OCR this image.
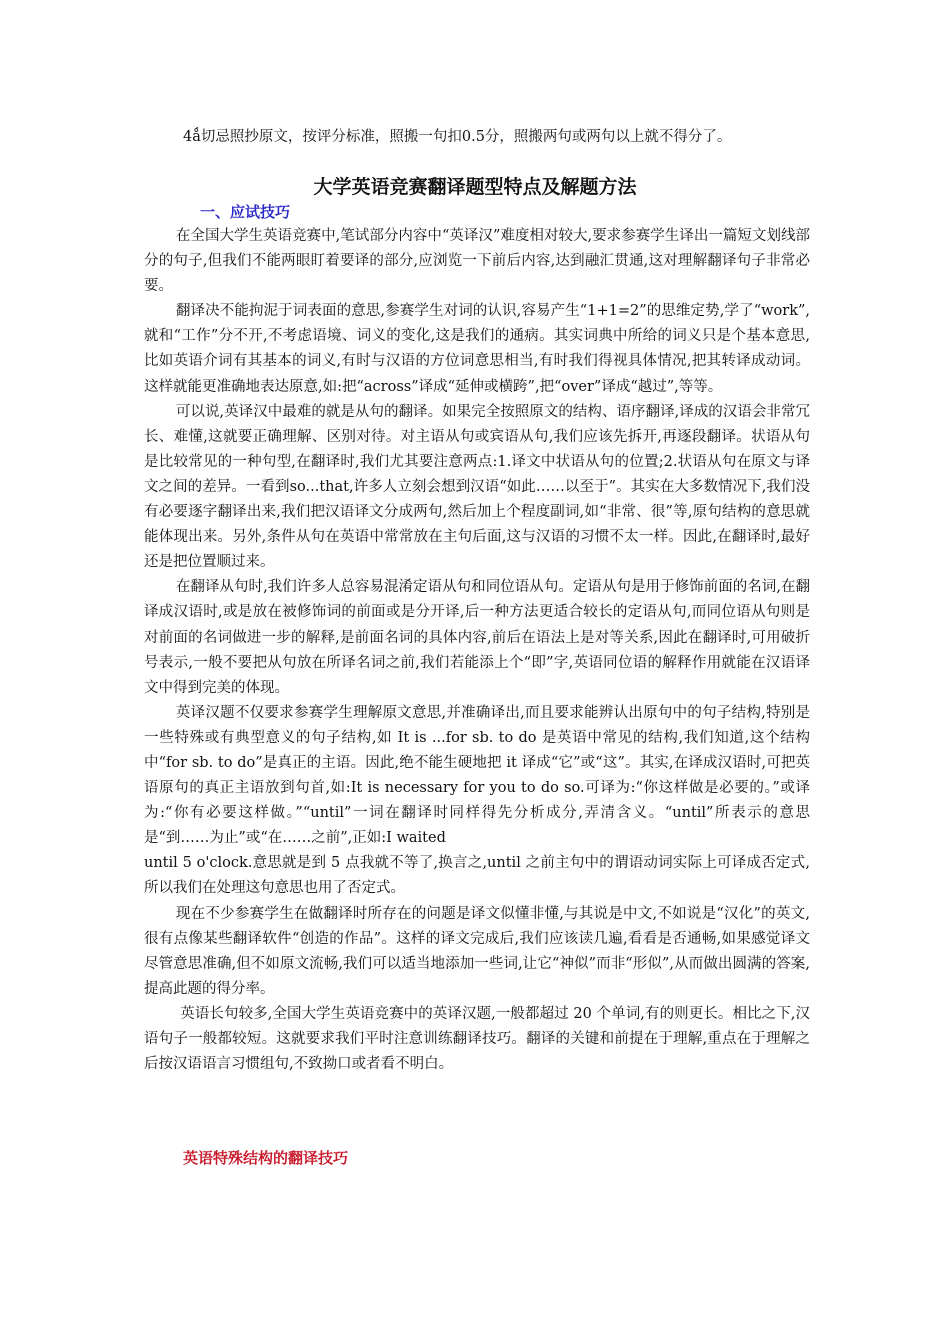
4ǻ切忌照抄原文，按评分标准，照搬一句扣0.5分，照搬两句或两句以上就不得分了。
大学英语竞赛翻译题型特点及解题方法
一、应试技巧

在全国大学生英语竞赛中,笔试部分内容中“英译汉”难度相对较大,要求参赛学生译出一篇短文划线部分的句子,但我们不能两眼盯着要译的部分,应浏览一下前后内容,达到融汇贯通,这对理解翻译句子非常必要。

翻译决不能拘泥于词表面的意思,参赛学生对词的认识,容易产生“1+1=2”的思维定势,学了“work”,就和“工作”分不开,不考虑语境、词义的变化,这是我们的通病。其实词典中所给的词义只是个基本意思,比如英语介词有其基本的词义,有时与汉语的方位词意思相当,有时我们得视具体情况,把其转译成动词。这样就能更准确地表达原意,如:把“across”译成“延伸或横跨”,把“over”译成“越过”,等等。

可以说,英译汉中最难的就是从句的翻译。如果完全按照原文的结构、语序翻译,译成的汉语会非常冗长、难懂,这就要正确理解、区别对待。对主语从句或宾语从句,我们应该先拆开,再逐段翻译。状语从句是比较常见的一种句型,在翻译时,我们尤其要注意两点:1.译文中状语从句的位置;2.状语从句在原文与译文之间的差异。一看到so...that,许多人立刻会想到汉语“如此……以至于”。其实在大多数情况下,我们没有必要逐字翻译出来,我们把汉语译文分成两句,然后加上个程度副词,如“非常、很”等,原句结构的意思就能体现出来。另外,条件从句在英语中常常放在主句后面,这与汉语的习惯不太一样。因此,在翻译时,最好还是把位置顺过来。

在翻译从句时,我们许多人总容易混淆定语从句和同位语从句。定语从句是用于修饰前面的名词,在翻译成汉语时,或是放在被修饰词的前面或是分开译,后一种方法更适合较长的定语从句,而同位语从句则是对前面的名词做进一步的解释,是前面名词的具体内容,前后在语法上是对等关系,因此在翻译时,可用破折号表示,一般不要把从句放在所译名词之前,我们若能添上个“即”字,英语同位语的解释作用就能在汉语译文中得到完美的体现。

英译汉题不仅要求参赛学生理解原文意思,并准确译出,而且要求能辨认出原句中的句子结构,特别是一些特殊或有典型意义的句子结构,如 It is ...for sb. to do 是英语中常见的结构,我们知道,这个结构中“for sb. to do”是真正的主语。因此,绝不能生硬地把 it 译成“它”或“这”。其实,在译成汉语时,可把英语原句的真正主语放到句首,如:It is necessary for you to do so.可译为:“你这样做是必要的。”或译为:“你有必要这样做。”“until”一词在翻译时同样得先分析成分,弄清含义。“until”所表示的意思是“到……为止”或“在……之前”,正如:I waited

until 5 o'clock.意思就是到 5 点我就不等了,换言之,until 之前主句中的谓语动词实际上可译成否定式,所以我们在处理这句意思也用了否定式。

现在不少参赛学生在做翻译时所存在的问题是译文似懂非懂,与其说是中文,不如说是“汉化”的英文,很有点像某些翻译软件“创造的作品”。这样的译文完成后,我们应该读几遍,看看是否通畅,如果感觉译文尽管意思准确,但不如原文流畅,我们可以适当地添加一些词,让它“神似”而非“形似”,从而做出圆满的答案,提高此题的得分率。

英语长句较多,全国大学生英语竞赛中的英译汉题,一般都超过 20 个单词,有的则更长。相比之下,汉语句子一般都较短。这就要求我们平时注意训练翻译技巧。翻译的关键和前提在于理解,重点在于理解之后按汉语语言习惯组句,不致拗口或者看不明白。

英语特殊结构的翻译技巧
